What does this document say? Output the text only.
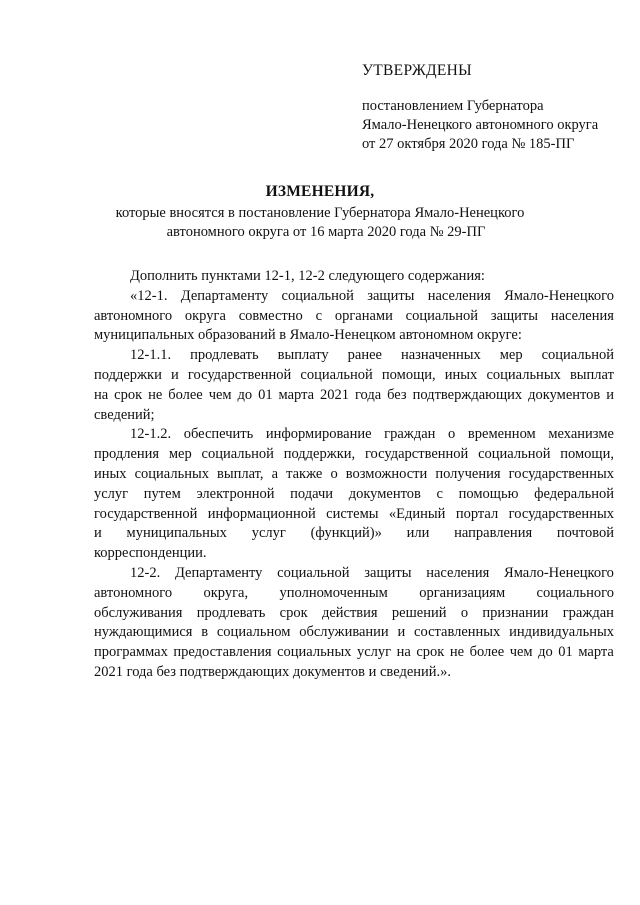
УТВЕРЖДЕНЫ
постановлением Губернатора
Ямало-Ненецкого автономного округа
от 27 октября 2020 года № 185-ПГ
ИЗМЕНЕНИЯ,
которые вносятся в постановление Губернатора Ямало-Ненецкого
автономного округа от 16 марта 2020 года № 29-ПГ
Дополнить пунктами 12-1, 12-2 следующего содержания:
«12-1. Департаменту социальной защиты населения Ямало-Ненецкого
автономного округа совместно с органами социальной защиты населения
муниципальных образований в Ямало-Ненецком автономном округе:
12-1.1. продлевать выплату ранее назначенных мер социальной
поддержки и государственной социальной помощи, иных социальных выплат
на срок не более чем до 01 марта 2021 года без подтверждающих документов и
сведений;
12-1.2. обеспечить информирование граждан о временном механизме
продления мер социальной поддержки, государственной социальной помощи,
иных социальных выплат, а также о возможности получения государственных
услуг путем электронной подачи документов с помощью федеральной
государственной информационной системы «Единый портал государственных
и муниципальных услуг (функций)» или направления почтовой
корреспонденции.
12-2. Департаменту социальной защиты населения Ямало-Ненецкого
автономного округа, уполномоченным организациям социального
обслуживания продлевать срок действия решений о признании граждан
нуждающимися в социальном обслуживании и составленных индивидуальных
программах предоставления социальных услуг на срок не более чем до 01 марта
2021 года без подтверждающих документов и сведений.».
